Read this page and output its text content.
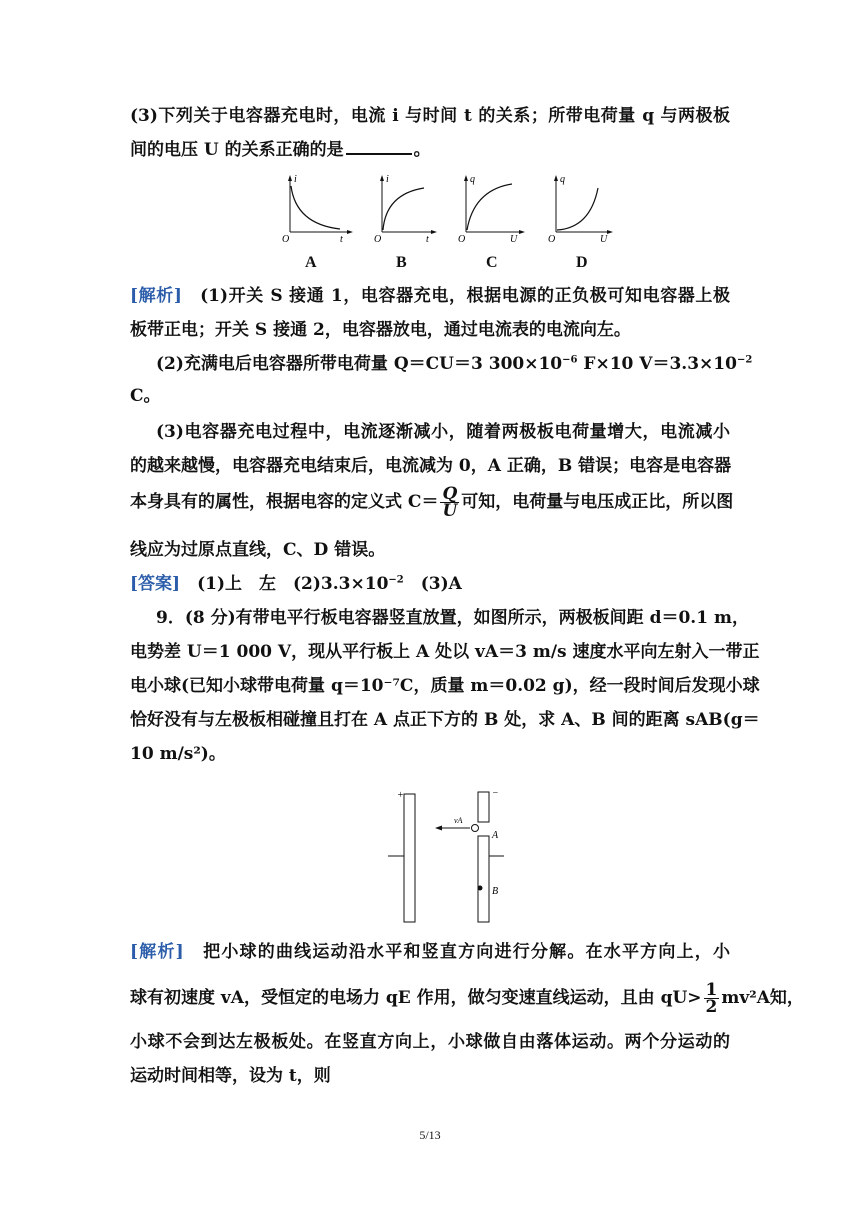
(3)下列关于电容器充电时，电流 i 与时间 t 的关系；所带电荷量 q 与两极板
间的电压 U 的关系正确的是	。
i
t
O
i
t
O
q
U
O
q
U
O
A	B	C	D
[解析]　 (1)开关 S 接通 1，电容器充电，根据电源的正负极可知电容器上极
板带正电；开关 S 接通 2，电容器放电，通过电流表的电流向左。
(2)充满电后电容器所带电荷量 Q＝CU＝3 $300\times 10^{-6}$ F×10 $V=3.3\times 10^{-2}$
C。
(3)电容器充电过程中，电流逐渐减小，随着两极板电荷量增大，电流减小
的越来越慢，电容器充电结束后，电流减为 0，A 正确，B 错误；电容是电容器
本身具有的属性，根据电容的定义式 $C= \frac{Q}{U}$ 可知，电荷量与电压成正比，所以图
线应为过原点直线，C、D 错误。
[答案]　 (1)上　左　$(2)3.3\times 10^{-2}$　(3)A
9．(8 分)有带电平行板电容器竖直放置，如图所示，两极板间距 d＝0.1 m，
电势差 U＝1 000 V，现从平行板上 A 处以 vA＝3 m/s 速度水平向左射入一带正
电小球(已知小球带电荷量 q＝10⁻⁷C，质量 m＝0.02 g)，经一段时间后发现小球
恰好没有与左极板相碰撞且打在 A 点正下方的 B 处，求 A、B 间的距离 sAB(g＝
10 m/s²)。
+	−
vA
A
B
[解析]　 把小球的曲线运动沿水平和竖直方向进行分解。在水平方向上，小
球有初速度 vA，受恒定的电场力 qE 作用，做匀变速直线运动，且由 $qU> \frac{1}{2} mv^2A$知，
小球不会到达左极板处。在竖直方向上，小球做自由落体运动。两个分运动的
运动时间相等，设为 t，则
5/13
